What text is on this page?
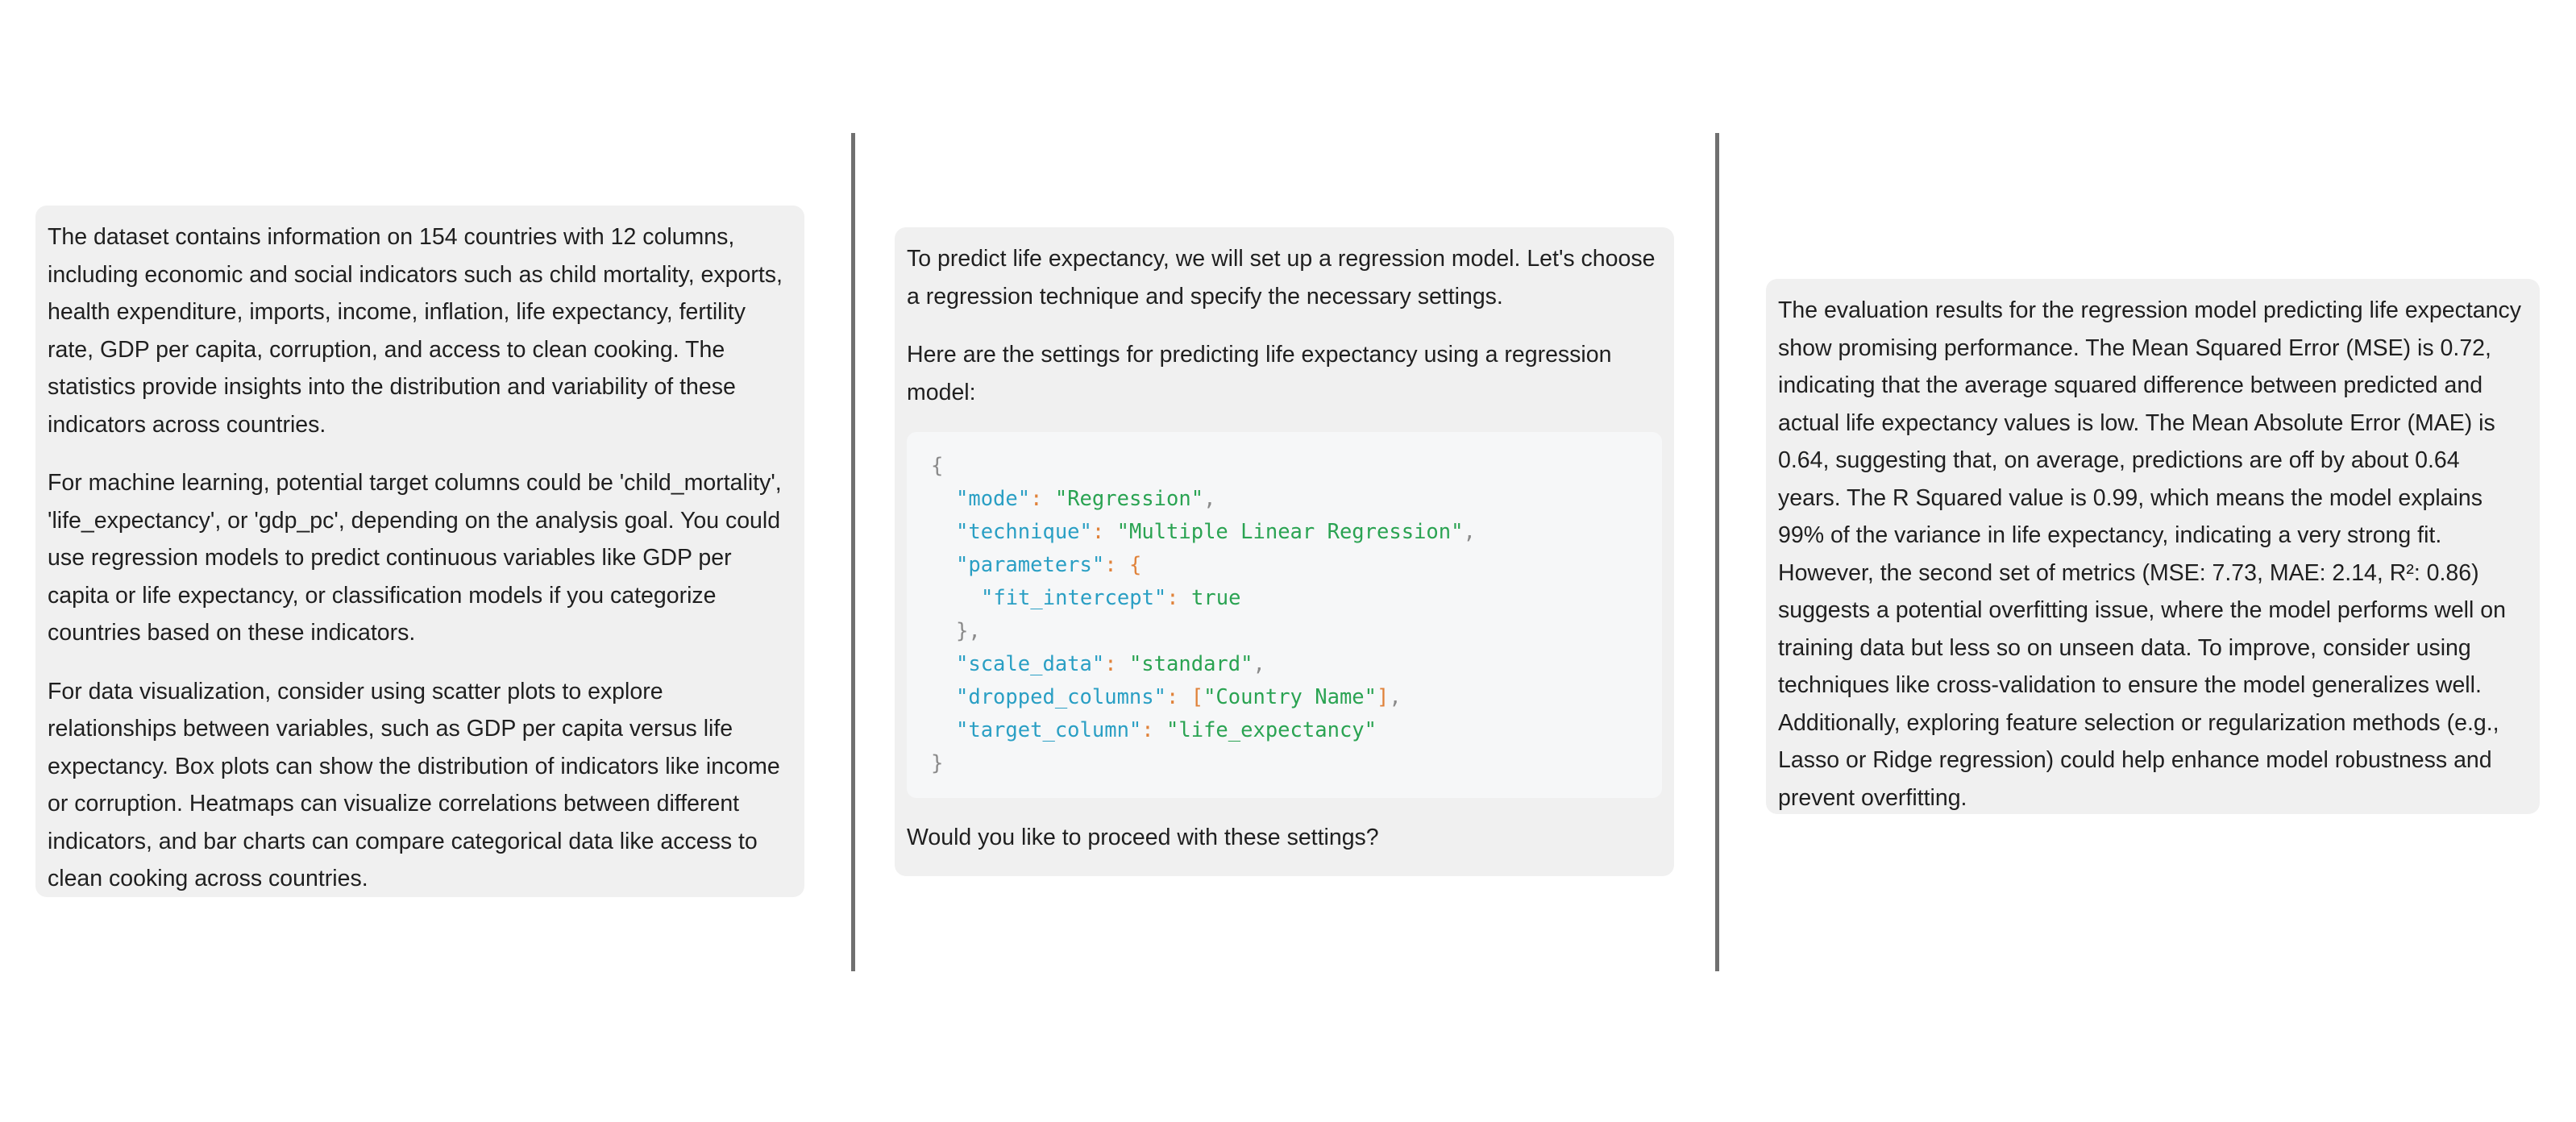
The dataset contains information on 154 countries with 12 columns, including economic and social indicators such as child mortality, exports, health expenditure, imports, income, inflation, life expectancy, fertility rate, GDP per capita, corruption, and access to clean cooking. The statistics provide insights into the distribution and variability of these indicators across countries.

For machine learning, potential target columns could be 'child_mortality', 'life_expectancy', or 'gdp_pc', depending on the analysis goal. You could use regression models to predict continuous variables like GDP per capita or life expectancy, or classification models if you categorize countries based on these indicators.

For data visualization, consider using scatter plots to explore relationships between variables, such as GDP per capita versus life expectancy. Box plots can show the distribution of indicators like income or corruption. Heatmaps can visualize correlations between different indicators, and bar charts can compare categorical data like access to clean cooking across countries.

To predict life expectancy, we will set up a regression model. Let's choose a regression technique and specify the necessary settings.

Here are the settings for predicting life expectancy using a regression model:

{
"mode": "Regression",
"technique": "Multiple Linear Regression",
"parameters": {
"fit_intercept": true
},
"scale_data": "standard",
"dropped_columns": ["Country Name"],
"target_column": "life_expectancy"
}

Would you like to proceed with these settings?

The evaluation results for the regression model predicting life expectancy show promising performance. The Mean Squared Error (MSE) is 0.72, indicating that the average squared difference between predicted and actual life expectancy values is low. The Mean Absolute Error (MAE) is 0.64, suggesting that, on average, predictions are off by about 0.64 years. The R Squared value is 0.99, which means the model explains 99% of the variance in life expectancy, indicating a very strong fit.

However, the second set of metrics (MSE: 7.73, MAE: 2.14, R²: 0.86) suggests a potential overfitting issue, where the model performs well on training data but less so on unseen data. To improve, consider using techniques like cross-validation to ensure the model generalizes well. Additionally, exploring feature selection or regularization methods (e.g., Lasso or Ridge regression) could help enhance model robustness and prevent overfitting.
